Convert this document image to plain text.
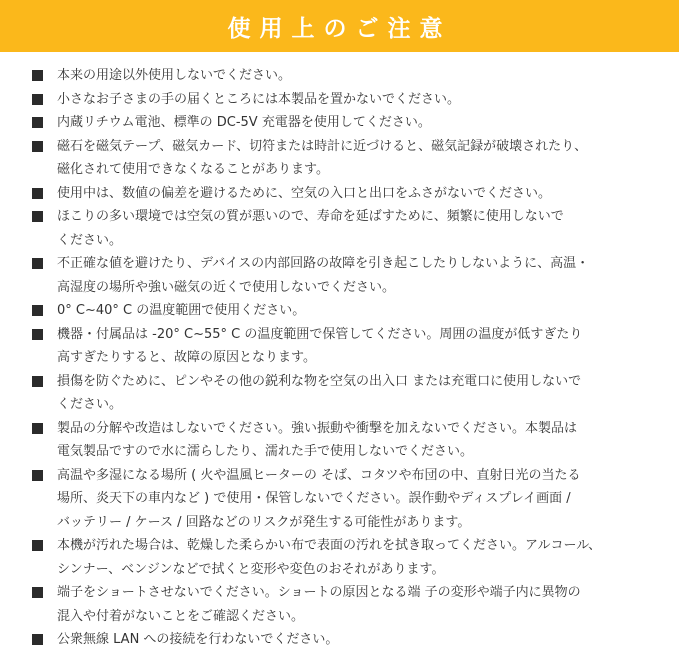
使用上のご注意
本来の用途以外使用しないでください。
小さなお子さまの手の届くところには本製品を置かないでください。
内蔵リチウム電池、標準の DC-5V 充電器を使用してください。
磁石を磁気テープ、磁気カード、切符または時計に近づけると、磁気記録が破壊されたり、
磁化されて使用できなくなることがあります。
使用中は、数値の偏差を避けるために、空気の入口と出口をふさがないでください。
ほこりの多い環境では空気の質が悪いので、寿命を延ばすために、頻繁に使用しないで
ください。
不正確な値を避けたり、デバイスの内部回路の故障を引き起こしたりしないように、高温・
高湿度の場所や強い磁気の近くで使用しないでください。
0° C~40° C の温度範囲で使用ください。
機器・付属品は -20° C~55° C の温度範囲で保管してください。周囲の温度が低すぎたり
高すぎたりすると、故障の原因となります。
損傷を防ぐために、ピンやその他の鋭利な物を空気の出入口 または充電口に使用しないで
ください。
製品の分解や改造はしないでください。強い振動や衝撃を加えないでください。本製品は
電気製品ですので水に濡らしたり、濡れた手で使用しないでください。
高温や多湿になる場所 ( 火や温風ヒーターの そば、コタツや布団の中、直射日光の当たる
場所、炎天下の車内など ) で使用・保管しないでください。誤作動やディスプレイ画面 /
バッテリー / ケース / 回路などのリスクが発生する可能性があります。
本機が汚れた場合は、乾燥した柔らかい布で表面の汚れを拭き取ってください。アルコール、
シンナー、ベンジンなどで拭くと変形や変色のおそれがあります。
端子をショートさせないでください。ショートの原因となる端 子の変形や端子内に異物の
混入や付着がないことをご確認ください。
公衆無線 LAN への接続を行わないでください。
